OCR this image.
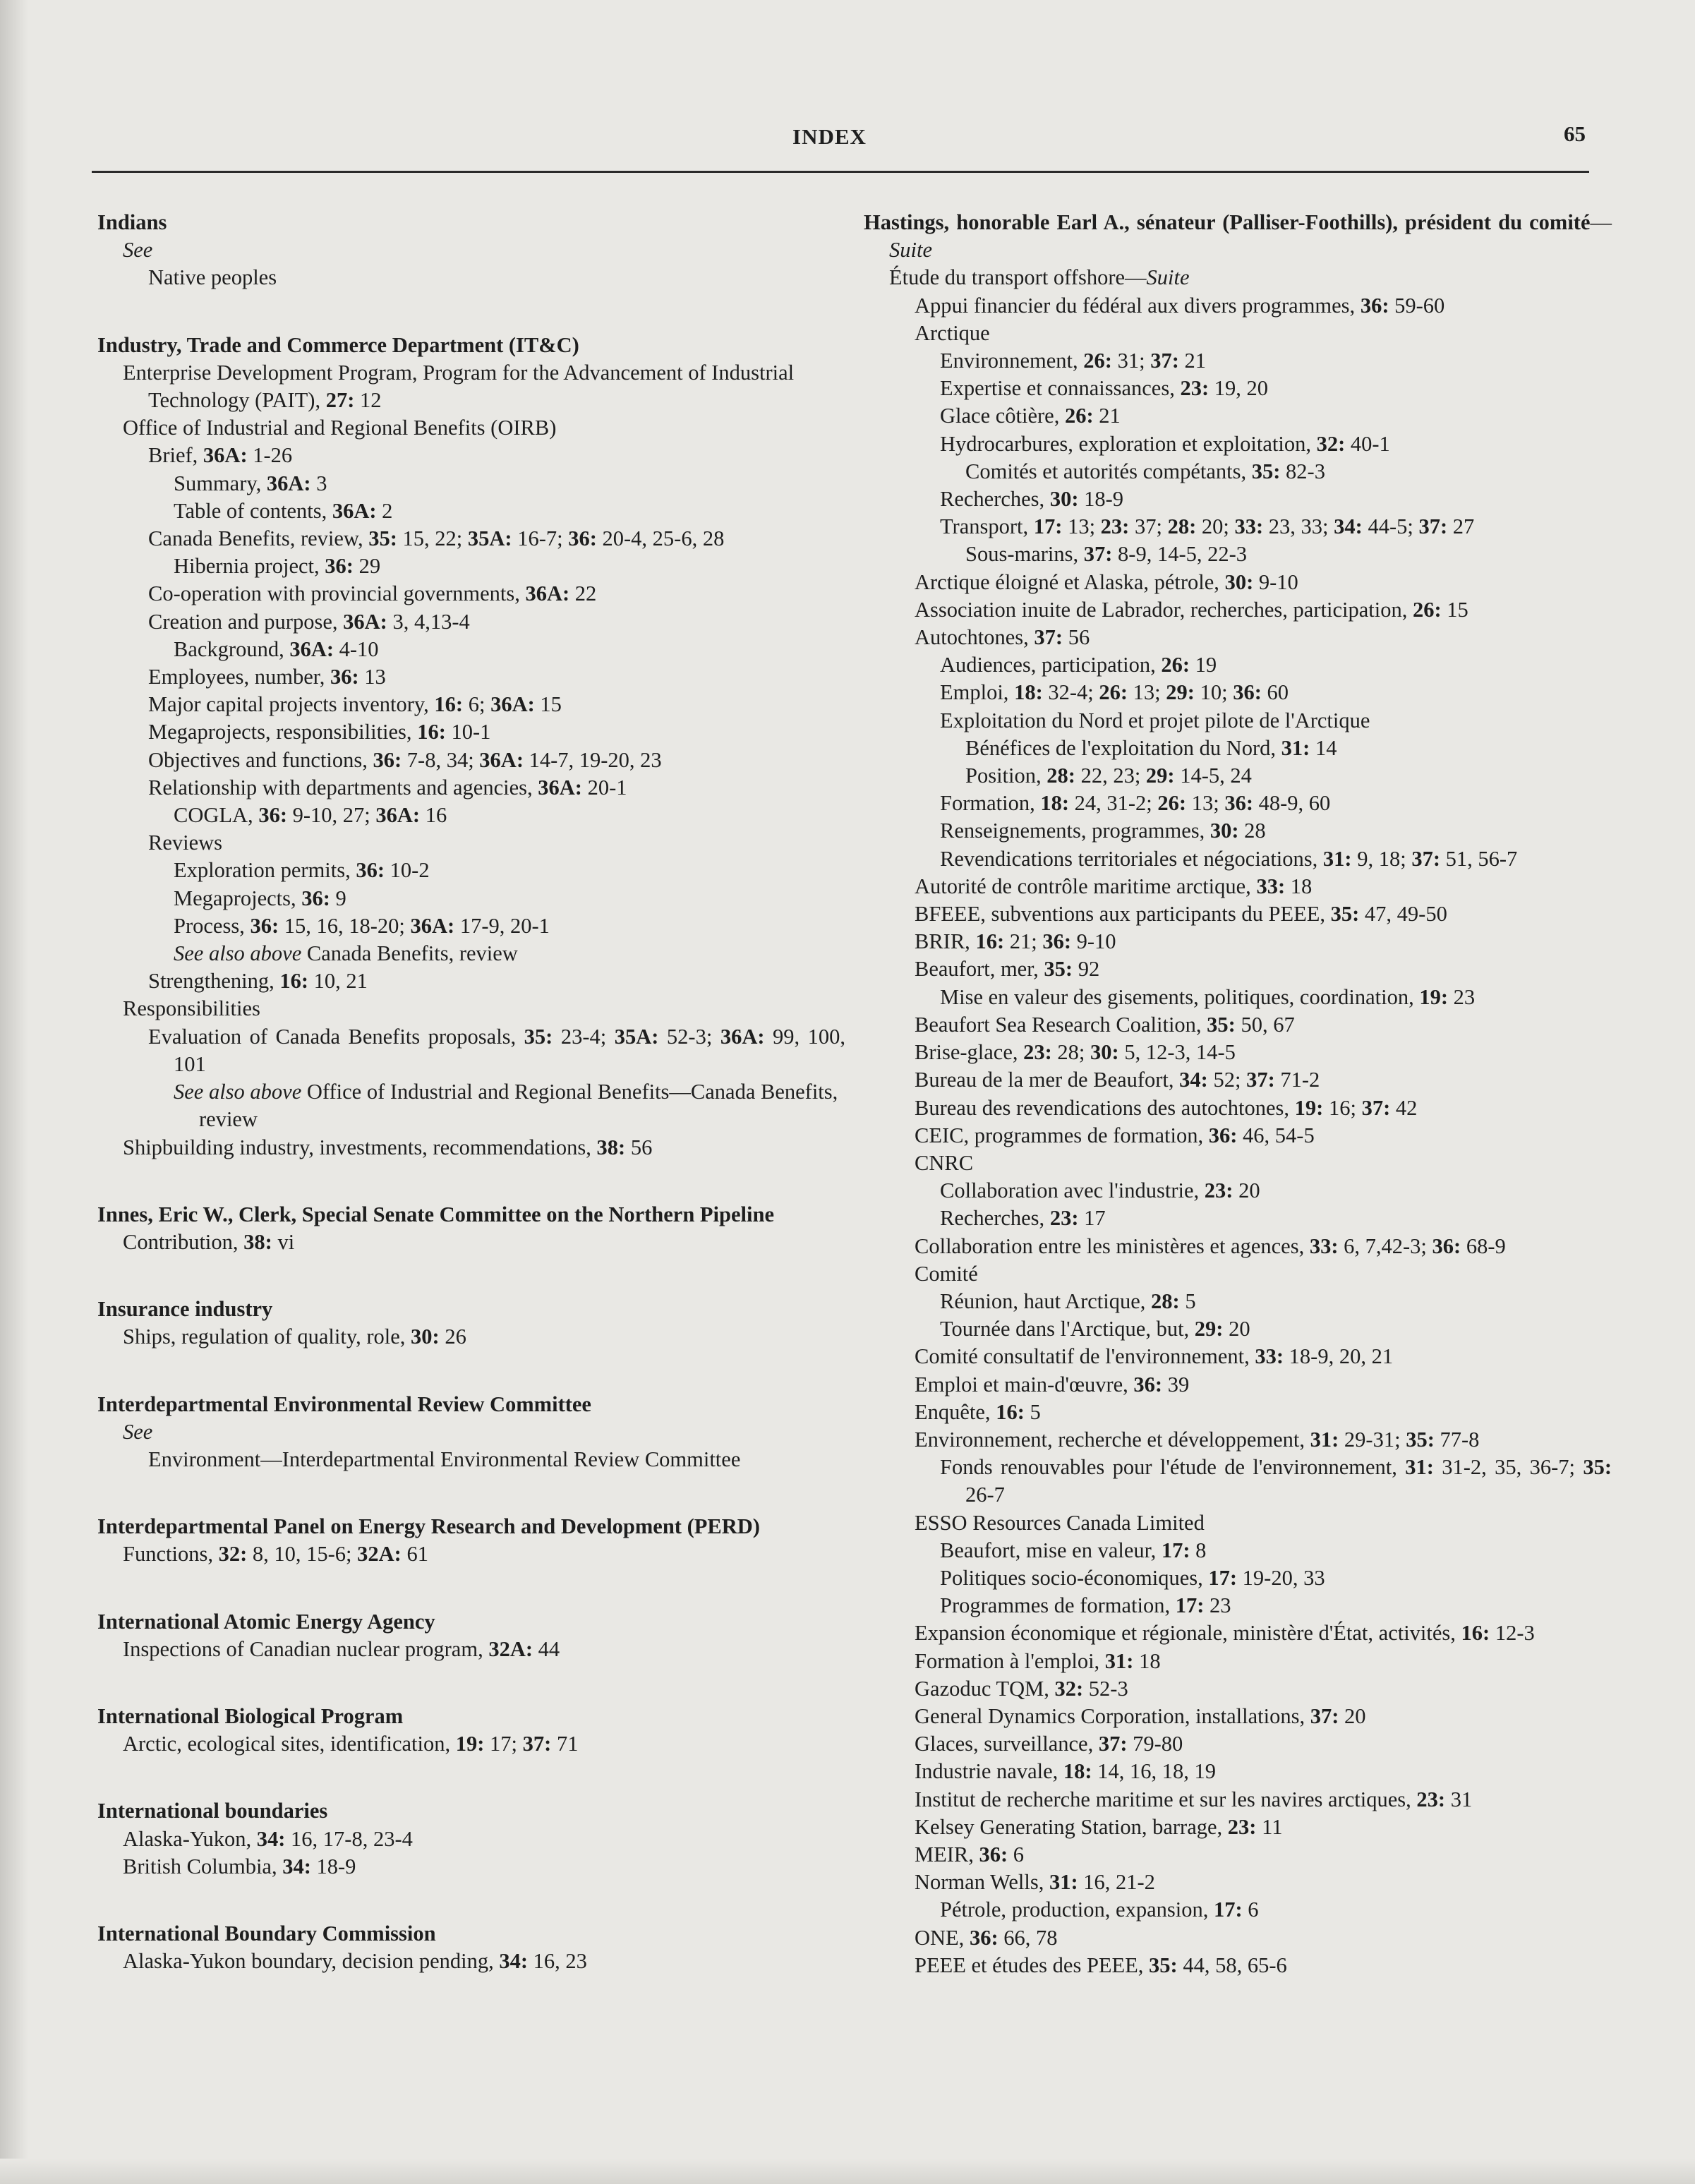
INDEX	65
Indians
See
Native peoples
Industry, Trade and Commerce Department (IT&C)
Enterprise Development Program, Program for the Advancement of Industrial Technology (PAIT), 27: 12
Office of Industrial and Regional Benefits (OIRB)
Brief, 36A: 1-26
Summary, 36A: 3
Table of contents, 36A: 2
Canada Benefits, review, 35: 15, 22; 35A: 16-7; 36: 20-4, 25-6, 28
Hibernia project, 36: 29
Co-operation with provincial governments, 36A: 22
Creation and purpose, 36A: 3, 4,13-4
Background, 36A: 4-10
Employees, number, 36: 13
Major capital projects inventory, 16: 6; 36A: 15
Megaprojects, responsibilities, 16: 10-1
Objectives and functions, 36: 7-8, 34; 36A: 14-7, 19-20, 23
Relationship with departments and agencies, 36A: 20-1
COGLA, 36: 9-10, 27; 36A: 16
Reviews
Exploration permits, 36: 10-2
Megaprojects, 36: 9
Process, 36: 15, 16, 18-20; 36A: 17-9, 20-1
See also above Canada Benefits, review
Strengthening, 16: 10, 21
Responsibilities
Evaluation of Canada Benefits proposals, 35: 23-4; 35A: 52-3; 36A: 99, 100, 101
See also above Office of Industrial and Regional Benefits—Canada Benefits, review
Shipbuilding industry, investments, recommendations, 38: 56
Innes, Eric W., Clerk, Special Senate Committee on the Northern Pipeline
Contribution, 38: vi
Insurance industry
Ships, regulation of quality, role, 30: 26
Interdepartmental Environmental Review Committee
See
Environment—Interdepartmental Environmental Review Committee
Interdepartmental Panel on Energy Research and Development (PERD)
Functions, 32: 8, 10, 15-6; 32A: 61
International Atomic Energy Agency
Inspections of Canadian nuclear program, 32A: 44
International Biological Program
Arctic, ecological sites, identification, 19: 17; 37: 71
International boundaries
Alaska-Yukon, 34: 16, 17-8, 23-4
British Columbia, 34: 18-9
International Boundary Commission
Alaska-Yukon boundary, decision pending, 34: 16, 23
Hastings, honorable Earl A., sénateur (Palliser-Foothills), président du comité—Suite
Étude du transport offshore—Suite
Appui financier du fédéral aux divers programmes, 36: 59-60
Arctique
Environnement, 26: 31; 37: 21
Expertise et connaissances, 23: 19, 20
Glace côtière, 26: 21
Hydrocarbures, exploration et exploitation, 32: 40-1
Comités et autorités compétants, 35: 82-3
Recherches, 30: 18-9
Transport, 17: 13; 23: 37; 28: 20; 33: 23, 33; 34: 44-5; 37: 27
Sous-marins, 37: 8-9, 14-5, 22-3
Arctique éloigné et Alaska, pétrole, 30: 9-10
Association inuite de Labrador, recherches, participation, 26: 15
Autochtones, 37: 56
Audiences, participation, 26: 19
Emploi, 18: 32-4; 26: 13; 29: 10; 36: 60
Exploitation du Nord et projet pilote de l'Arctique
Bénéfices de l'exploitation du Nord, 31: 14
Position, 28: 22, 23; 29: 14-5, 24
Formation, 18: 24, 31-2; 26: 13; 36: 48-9, 60
Renseignements, programmes, 30: 28
Revendications territoriales et négociations, 31: 9, 18; 37: 51, 56-7
Autorité de contrôle maritime arctique, 33: 18
BFEEE, subventions aux participants du PEEE, 35: 47, 49-50
BRIR, 16: 21; 36: 9-10
Beaufort, mer, 35: 92
Mise en valeur des gisements, politiques, coordination, 19: 23
Beaufort Sea Research Coalition, 35: 50, 67
Brise-glace, 23: 28; 30: 5, 12-3, 14-5
Bureau de la mer de Beaufort, 34: 52; 37: 71-2
Bureau des revendications des autochtones, 19: 16; 37: 42
CEIC, programmes de formation, 36: 46, 54-5
CNRC
Collaboration avec l'industrie, 23: 20
Recherches, 23: 17
Collaboration entre les ministères et agences, 33: 6, 7,42-3; 36: 68-9
Comité
Réunion, haut Arctique, 28: 5
Tournée dans l'Arctique, but, 29: 20
Comité consultatif de l'environnement, 33: 18-9, 20, 21
Emploi et main-d'œuvre, 36: 39
Enquête, 16: 5
Environnement, recherche et développement, 31: 29-31; 35: 77-8
Fonds renouvables pour l'étude de l'environnement, 31: 31-2, 35, 36-7; 35: 26-7
ESSO Resources Canada Limited
Beaufort, mise en valeur, 17: 8
Politiques socio-économiques, 17: 19-20, 33
Programmes de formation, 17: 23
Expansion économique et régionale, ministère d'État, activités, 16: 12-3
Formation à l'emploi, 31: 18
Gazoduc TQM, 32: 52-3
General Dynamics Corporation, installations, 37: 20
Glaces, surveillance, 37: 79-80
Industrie navale, 18: 14, 16, 18, 19
Institut de recherche maritime et sur les navires arctiques, 23: 31
Kelsey Generating Station, barrage, 23: 11
MEIR, 36: 6
Norman Wells, 31: 16, 21-2
Pétrole, production, expansion, 17: 6
ONE, 36: 66, 78
PEEE et études des PEEE, 35: 44, 58, 65-6
